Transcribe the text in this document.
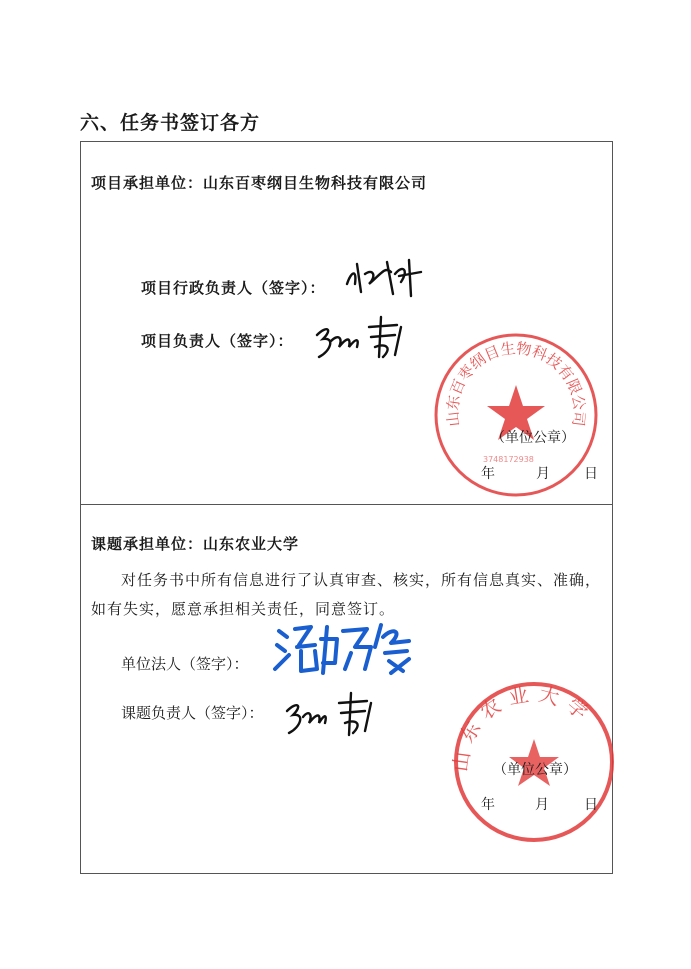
六、任务书签订各方
项目承担单位：山东百枣纲目生物科技有限公司
项目行政负责人（签字）：
项目负责人（签字）：
山东百枣纲目生物科技有限公司
3748172938
（单位公章）
年	月 日
课题承担单位：山东农业大学
对任务书中所有信息进行了认真审查、核实，所有信息真实、准确，
如有失实，愿意承担相关责任，同意签订。
单位法人（签字）：
课题负责人（签字）：
山东农业大学
（单位公章）
年	月	日
